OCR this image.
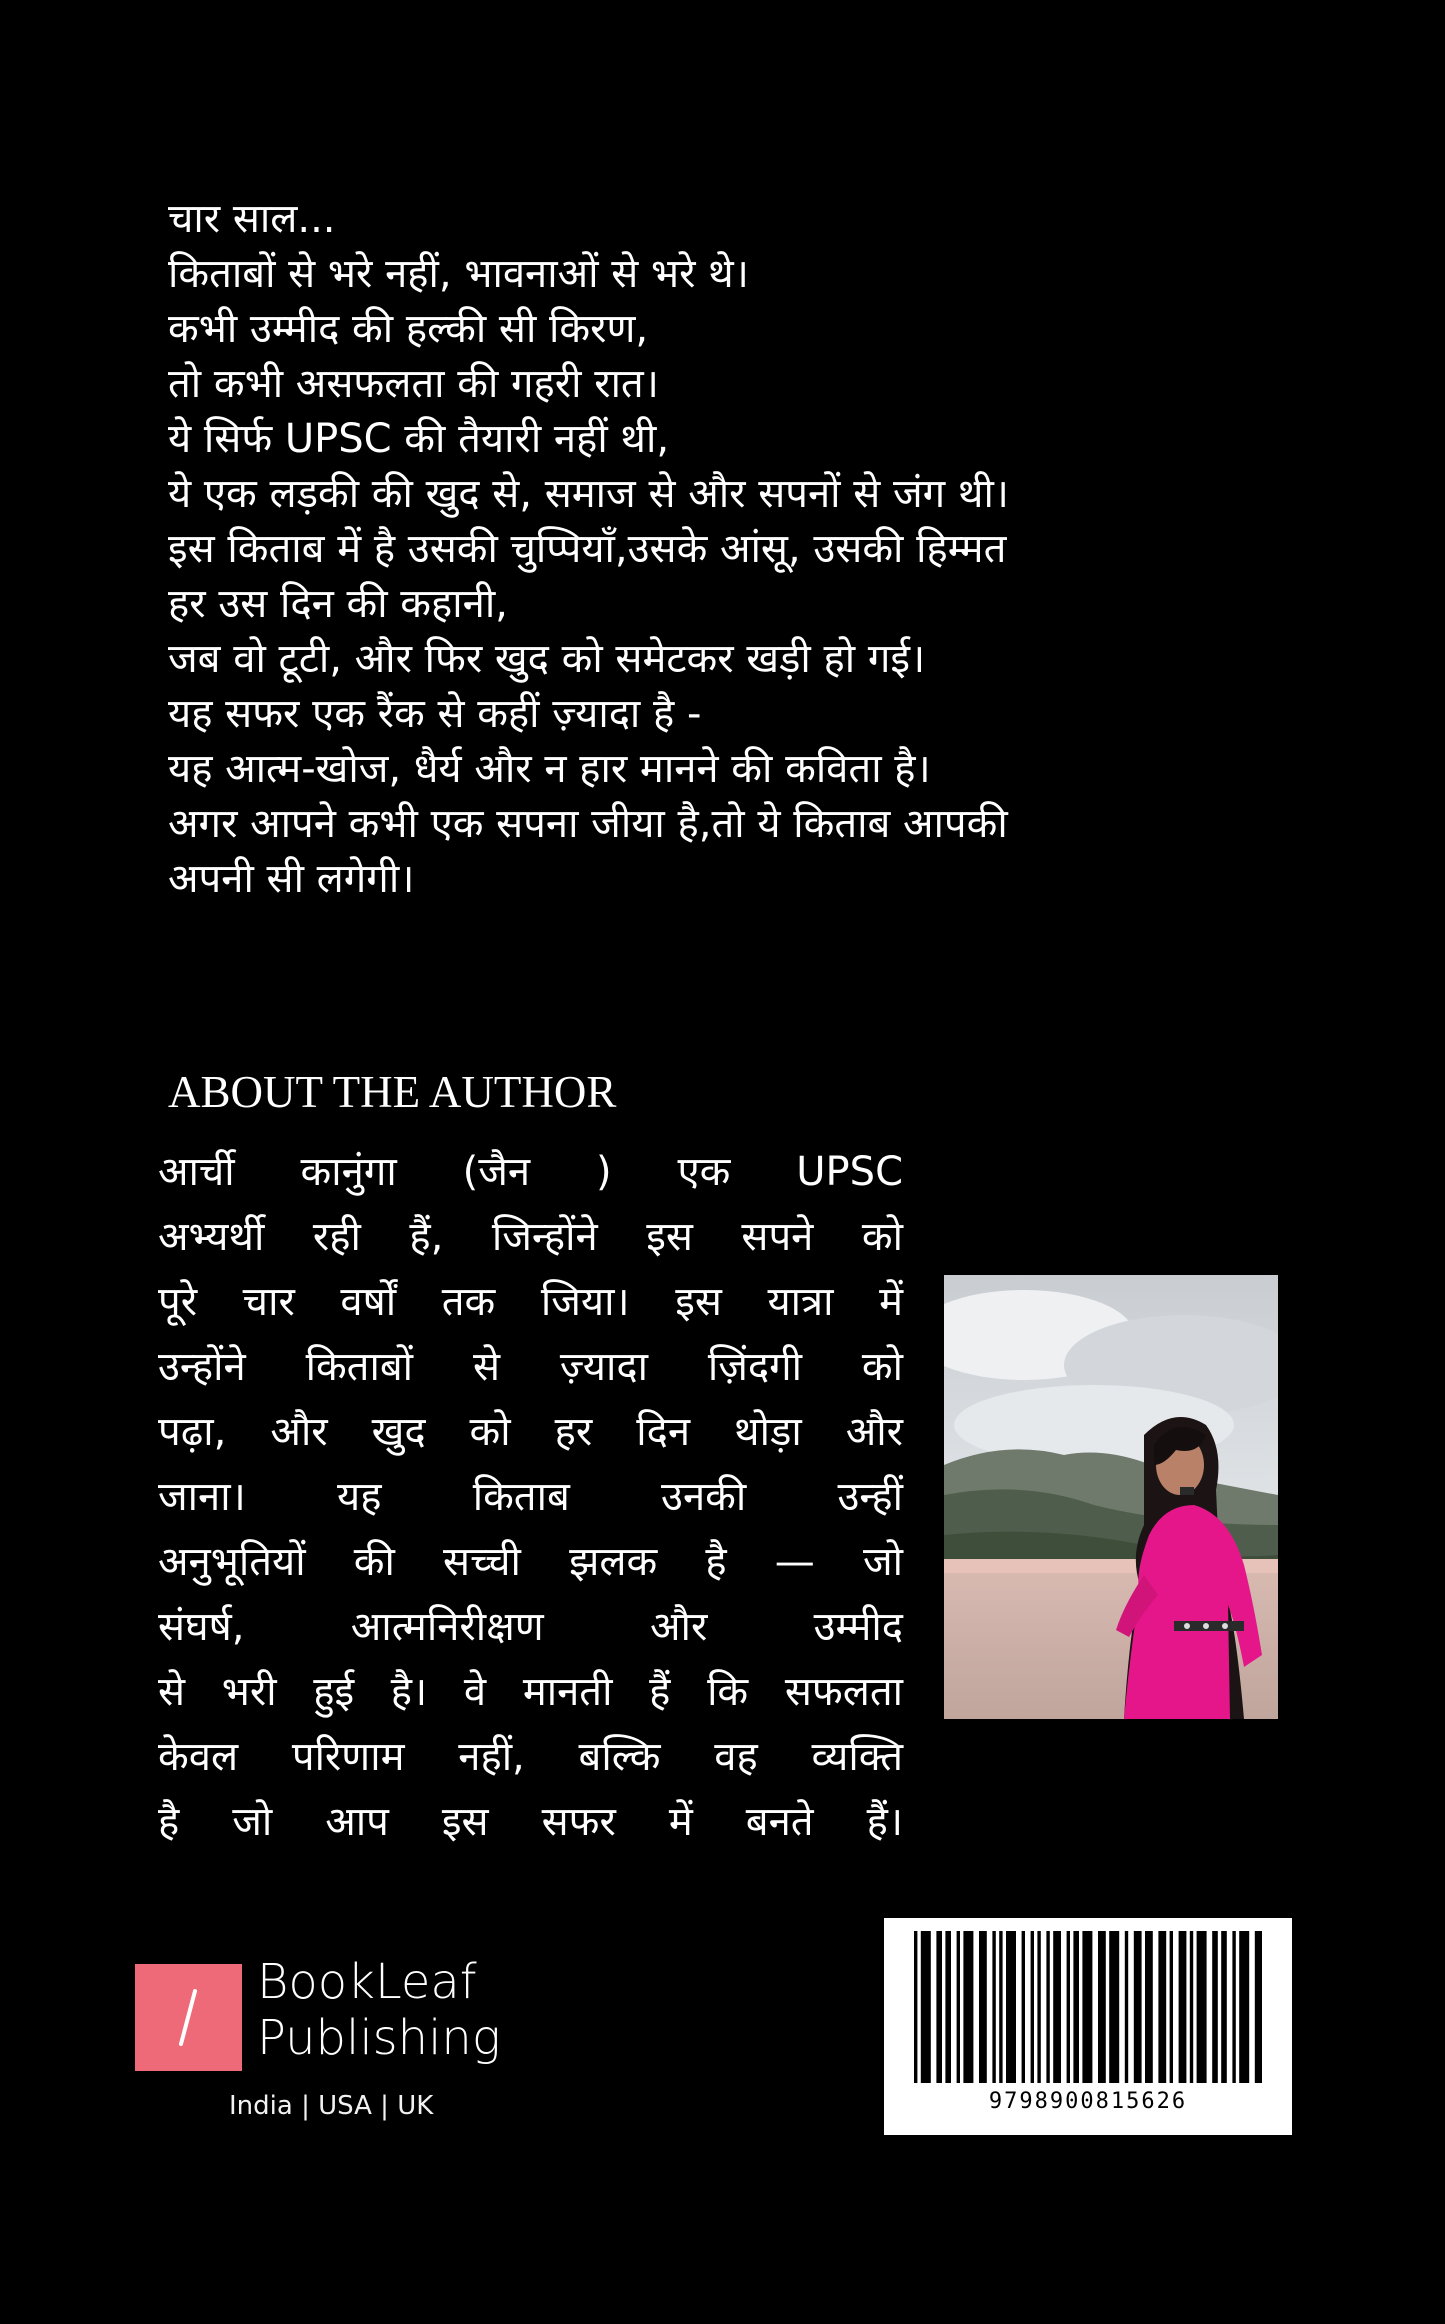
चार साल...
किताबों से भरे नहीं, भावनाओं से भरे थे।
कभी उम्मीद की हल्की सी किरण,
तो कभी असफलता की गहरी रात।
ये सिर्फ UPSC की तैयारी नहीं थी,
ये एक लड़की की खुद से, समाज से और सपनों से जंग थी।
इस किताब में है उसकी चुप्पियाँ,उसके आंसू, उसकी हिम्मत
हर उस दिन की कहानी,
जब वो टूटी, और फिर खुद को समेटकर खड़ी हो गई।
यह सफर एक रैंक से कहीं ज़्यादा है -
यह आत्म-खोज, धैर्य और न हार मानने की कविता है।
अगर आपने कभी एक सपना जीया है,तो ये किताब आपकी
अपनी सी लगेगी।
ABOUT THE AUTHOR
आर्ची कानुंगा (जैन ) एक UPSC
अभ्यर्थी रही हैं, जिन्होंने इस सपने को
पूरे चार वर्षों तक जिया। इस यात्रा में
उन्होंने किताबों से ज़्यादा ज़िंदगी को
पढ़ा, और खुद को हर दिन थोड़ा और
जाना। यह किताब उनकी उन्हीं
अनुभूतियों की सच्ची झलक है — जो
संघर्ष, आत्मनिरीक्षण और उम्मीद
से भरी हुई है। वे मानती हैं कि सफलता
केवल परिणाम नहीं, बल्कि वह व्यक्ति
है जो आप इस सफर में बनते हैं।
BookLeaf
Publishing
India | USA | UK	9798900815626
